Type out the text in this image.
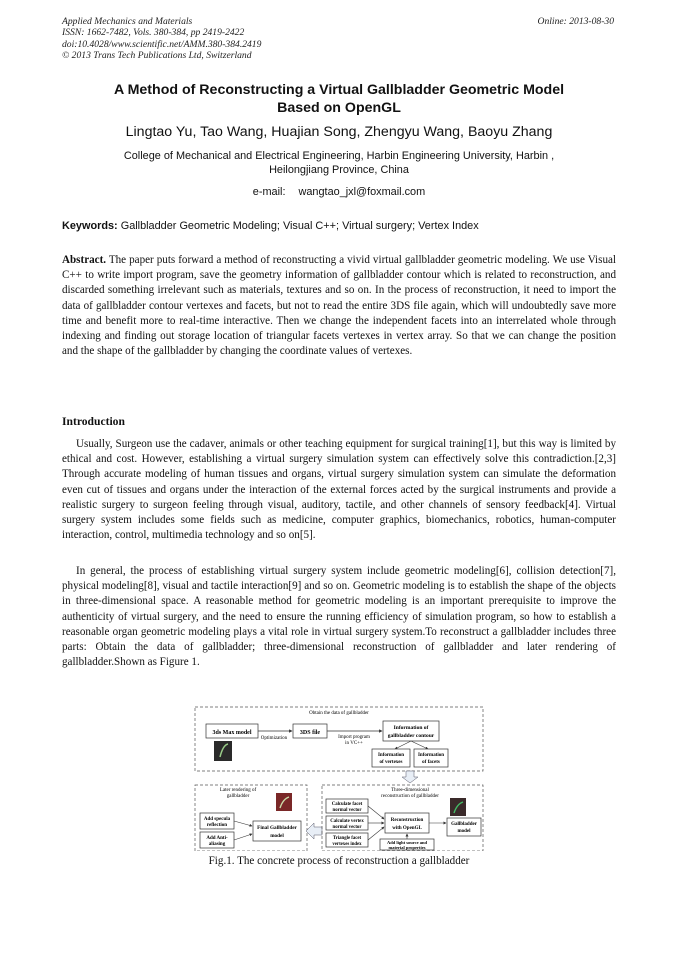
Applied Mechanics and Materials
ISSN: 1662-7482, Vols. 380-384, pp 2419-2422
doi:10.4028/www.scientific.net/AMM.380-384.2419
© 2013 Trans Tech Publications Ltd, Switzerland
Online: 2013-08-30
A Method of Reconstructing a Virtual Gallbladder Geometric Model
Based on OpenGL
Lingtao Yu, Tao Wang, Huajian Song, Zhengyu Wang, Baoyu Zhang
College of Mechanical and Electrical Engineering, Harbin Engineering University, Harbin ,
Heilongjiang Province, China
e-mail: wangtao_jxl@foxmail.com
Keywords: Gallbladder Geometric Modeling; Visual C++; Virtual surgery; Vertex Index
Abstract. The paper puts forward a method of reconstructing a vivid virtual gallbladder geometric modeling. We use Visual C++ to write import program, save the geometry information of gallbladder contour which is related to reconstruction, and discarded something irrelevant such as materials, textures and so on. In the process of reconstruction, it need to import the data of gallbladder contour vertexes and facets, but not to read the entire 3DS file again, which will undoubtedly save more time and benefit more to real-time interactive. Then we change the independent facets into an interrelated whole through indexing and finding out storage location of triangular facets vertexes in vertex array. So that we can change the position and the shape of the gallbladder by changing the coordinate values of vertexes.
Introduction
Usually, Surgeon use the cadaver, animals or other teaching equipment for surgical training[1], but this way is limited by ethical and cost. However, establishing a virtual surgery simulation system can effectively solve this contradiction.[2,3] Through accurate modeling of human tissues and organs, virtual surgery simulation system can simulate the deformation even cut of tissues and organs under the interaction of the external forces acted by the surgical instruments and provide a realistic surgery to surgeon feeling through visual, auditory, tactile, and other channels of sensory feedback[4]. Virtual surgery system includes some fields such as medicine, computer graphics, biomechanics, robotics, human-computer interaction, control, multimedia technology and so on[5].
In general, the process of establishing virtual surgery system include geometric modeling[6], collision detection[7], physical modeling[8], visual and tactile interaction[9] and so on. Geometric modeling is to establish the shape of the objects in three-dimensional space. A reasonable method for geometric modeling is an important prerequisite to improve the authenticity of virtual surgery, and the need to ensure the running efficiency of simulation program, so how to establish a reasonable organ geometric modeling plays a vital role in virtual surgery system.To reconstruct a gallbladder includes three parts: Obtain the data of gallbladder; three-dimensional reconstruction of gallbladder and later rendering of gallbladder.Shown as Figure 1.
Obtain the data of gallbladder
3ds Max model
Optimization
3DS file
Import program
in VC++
Information of
gallbladder contour
Information
of vertexes
Information
of facets
Later rendering of
gallbladder
Add specula
reflection
Add Anti-
aliasing
Final Gallbladder
model
Three-dimensional
reconstruction of gallbladder
Calculate facet
normal vector
Calculate vertex
normal vector
Triangle facet
vertexes index
Reconstruction
with OpenGL
Add light source and
material properties
Gallbladder
model
Fig.1. The concrete process of reconstruction a gallbladder
